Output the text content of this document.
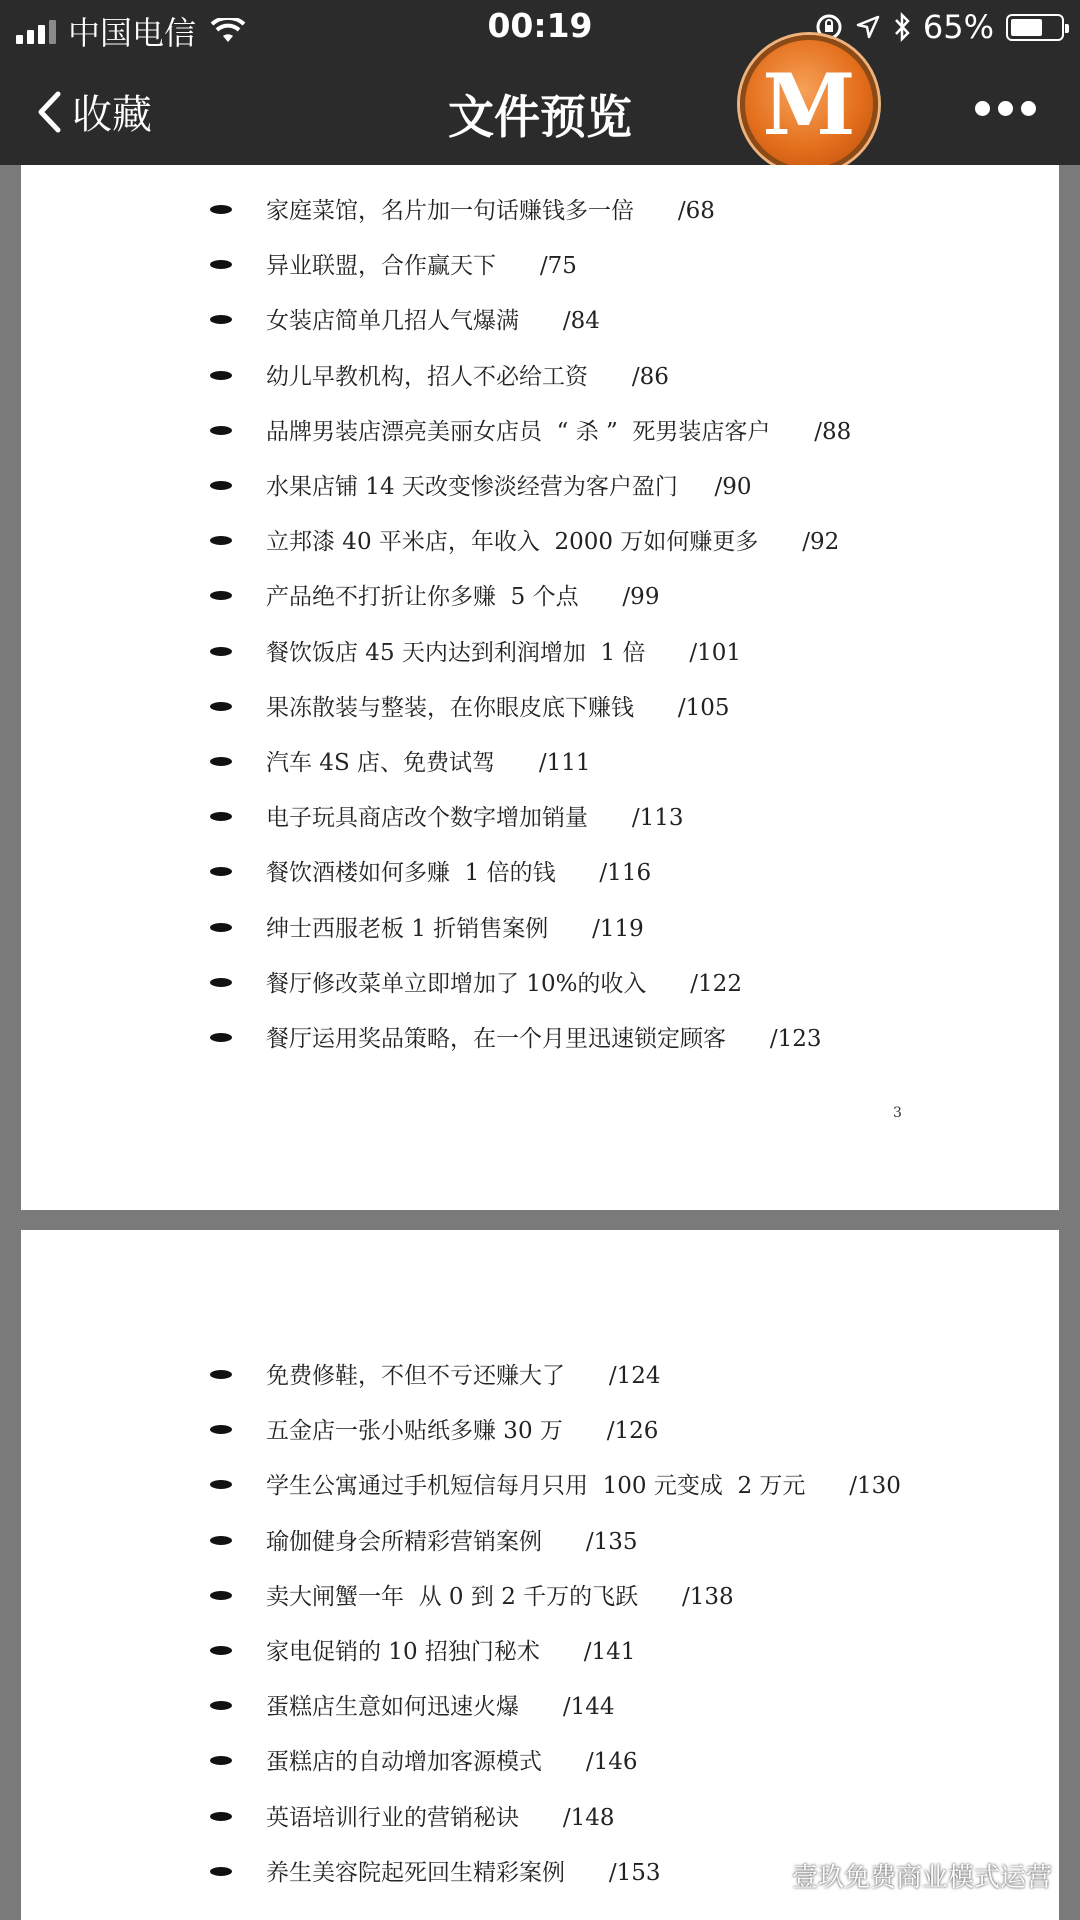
中国电信	00:19	65%
收藏	文件预览	M
家庭菜馆，名片加一句话赚钱多一倍      /68
异业联盟，合作赢天下      /75
女装店简单几招人气爆满      /84
幼儿早教机构，招人不必给工资      /86
品牌男装店漂亮美丽女店员  “ 杀 ”  死男装店客户      /88
水果店铺 14 天改变惨淡经营为客户盈门     /90
立邦漆 40 平米店，年收入  2000 万如何赚更多      /92
产品绝不打折让你多赚  5 个点      /99
餐饮饭店 45 天内达到利润增加  1 倍      /101
果冻散装与整装，在你眼皮底下赚钱      /105
汽车 4S 店、免费试驾      /111
电子玩具商店改个数字增加销量      /113
餐饮酒楼如何多赚  1 倍的钱      /116
绅士西服老板 1 折销售案例      /119
餐厅修改菜单立即增加了 10%的收入      /122
餐厅运用奖品策略，在一个月里迅速锁定顾客      /123
3
免费修鞋，不但不亏还赚大了      /124
五金店一张小贴纸多赚 30 万      /126
学生公寓通过手机短信每月只用  100 元变成  2 万元      /130
瑜伽健身会所精彩营销案例      /135
卖大闸蟹一年  从 0 到 2 千万的飞跃      /138
家电促销的 10 招独门秘术      /141
蛋糕店生意如何迅速火爆      /144
蛋糕店的自动增加客源模式      /146
英语培训行业的营销秘诀      /148
养生美容院起死回生精彩案例      /153	壹玖免费商业模式运营
